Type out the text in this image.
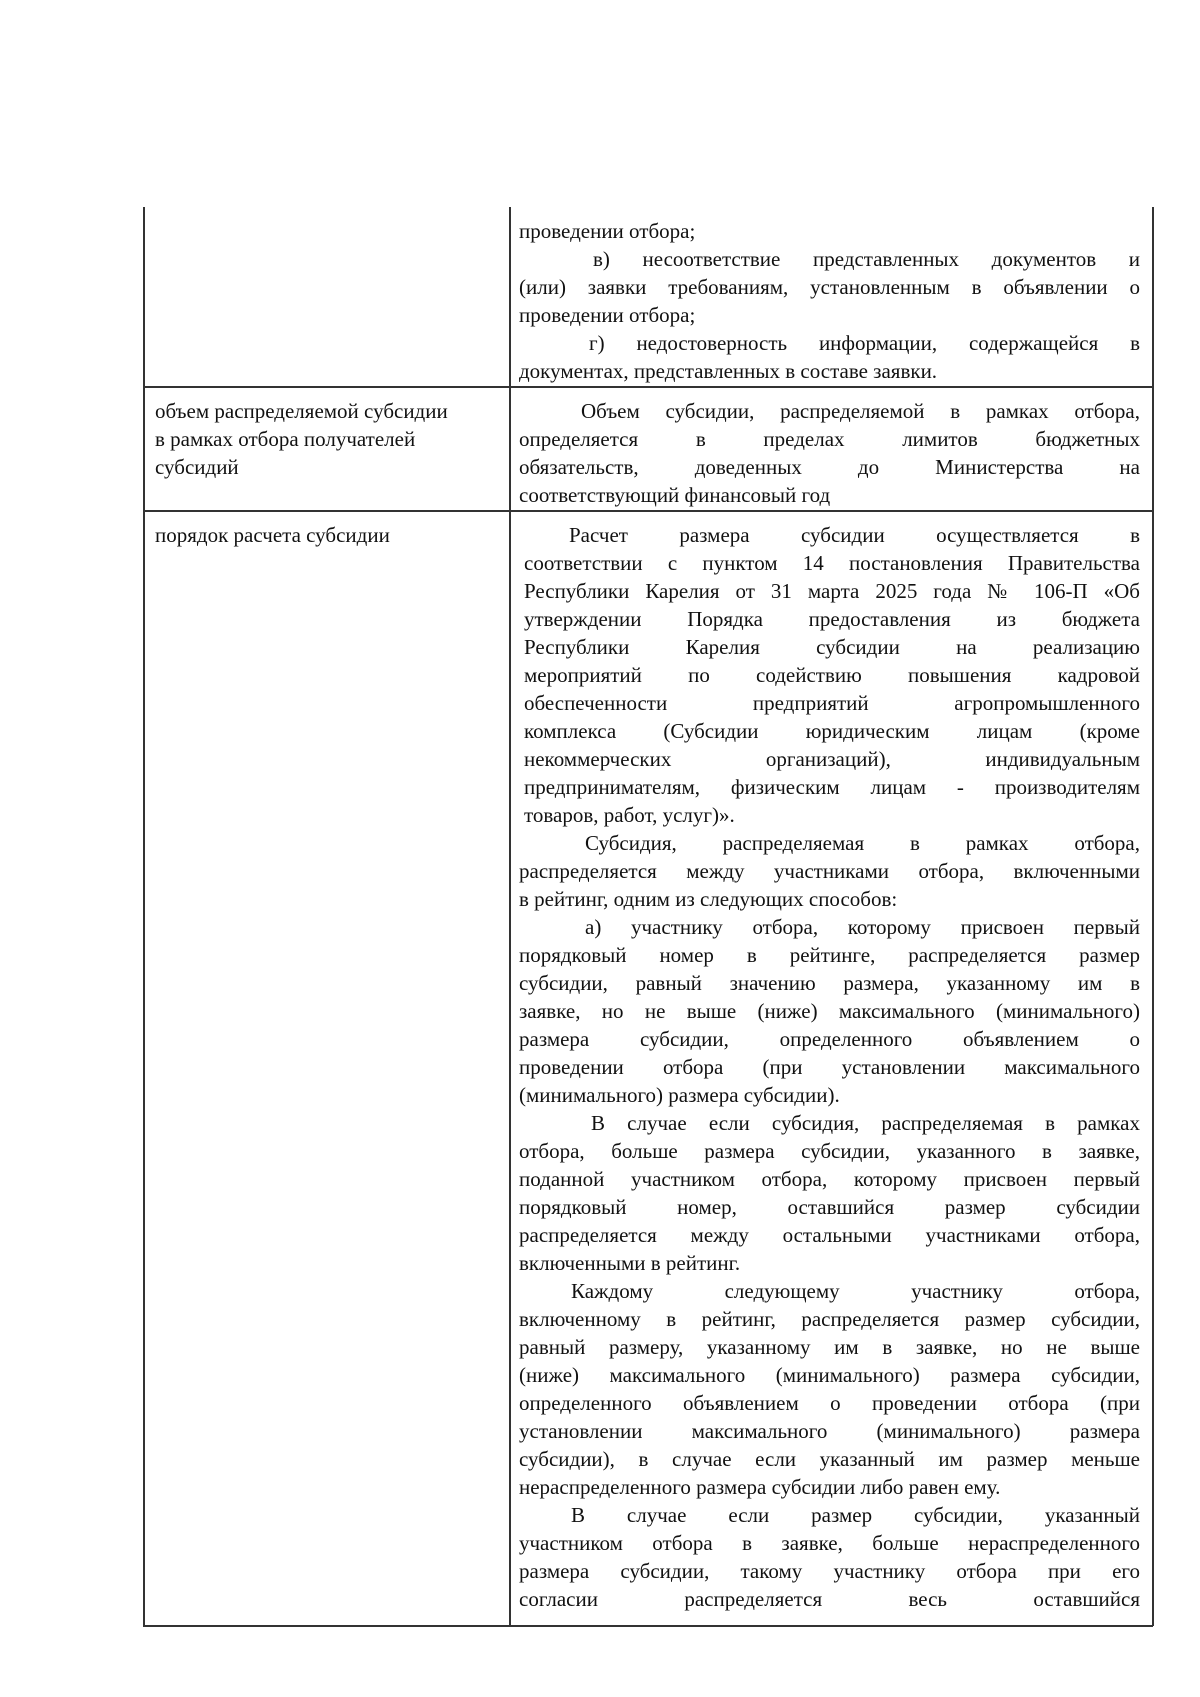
проведении отбора;
в) несоответствие представленных документов и
(или) заявки требованиям, установленным в объявлении о
проведении отбора;
г) недостоверность информации, содержащейся в
документах, представленных в составе заявки.
объем распределяемой субсидии
в рамках отбора получателей
субсидий
Объем субсидии, распределяемой в рамках отбора,
определяется в пределах лимитов бюджетных
обязательств, доведенных до Министерства на
соответствующий финансовый год
порядок расчета субсидии	Расчет размера субсидии осуществляется в
соответствии с пунктом 14 постановления Правительства
Республики Карелия от 31 марта 2025 года № 106-П «Об
утверждении Порядка предоставления из бюджета
Республики Карелия субсидии на реализацию
мероприятий по содействию повышения кадровой
обеспеченности предприятий агропромышленного
комплекса (Субсидии юридическим лицам (кроме
некоммерческих организаций), индивидуальным
предпринимателям, физическим лицам - производителям
товаров, работ, услуг)».
Субсидия, распределяемая в рамках отбора,
распределяется между участниками отбора, включенными
в рейтинг, одним из следующих способов:
а) участнику отбора, которому присвоен первый
порядковый номер в рейтинге, распределяется размер
субсидии, равный значению размера, указанному им в
заявке, но не выше (ниже) максимального (минимального)
размера субсидии, определенного объявлением о
проведении отбора (при установлении максимального
(минимального) размера субсидии).
В случае если субсидия, распределяемая в рамках
отбора, больше размера субсидии, указанного в заявке,
поданной участником отбора, которому присвоен первый
порядковый номер, оставшийся размер субсидии
распределяется между остальными участниками отбора,
включенными в рейтинг.
Каждому следующему участнику отбора,
включенному в рейтинг, распределяется размер субсидии,
равный размеру, указанному им в заявке, но не выше
(ниже) максимального (минимального) размера субсидии,
определенного объявлением о проведении отбора (при
установлении максимального (минимального) размера
субсидии), в случае если указанный им размер меньше
нераспределенного размера субсидии либо равен ему.
В случае если размер субсидии, указанный
участником отбора в заявке, больше нераспределенного
размера субсидии, такому участнику отбора при его
согласии распределяется весь оставшийся
